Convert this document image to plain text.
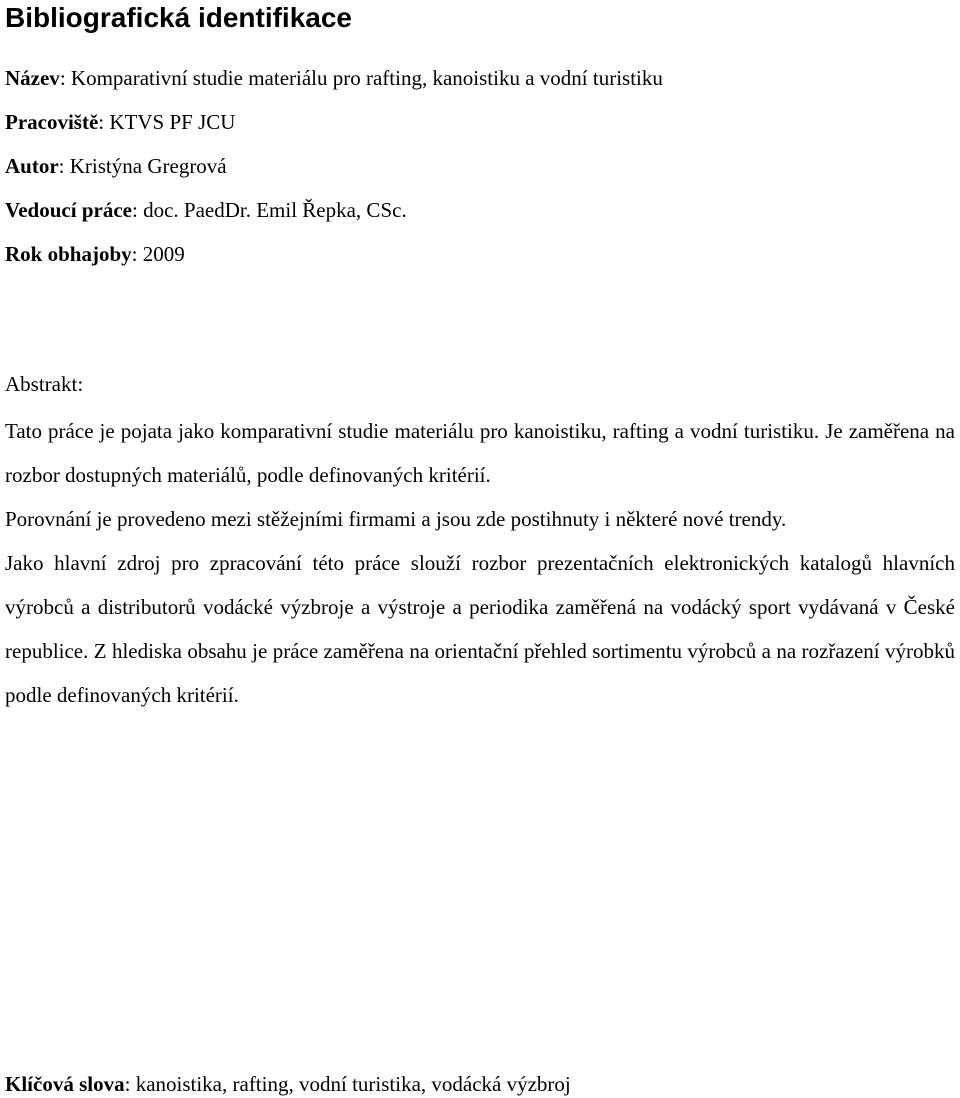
Bibliografická identifikace
Název: Komparativní studie materiálu pro rafting, kanoistiku a vodní turistiku
Pracoviště: KTVS PF JCU
Autor: Kristýna Gregrová
Vedoucí práce: doc. PaedDr. Emil Řepka, CSc.
Rok obhajoby: 2009
Abstrakt:

Tato práce je pojata jako komparativní studie materiálu pro kanoistiku, rafting a vodní turistiku. Je zaměřena na rozbor dostupných materiálů, podle definovaných kritérií.

Porovnání je provedeno mezi stěžejními firmami a jsou zde postihnuty i některé nové trendy.

Jako hlavní zdroj pro zpracování této práce slouží rozbor prezentačních elektronických katalogů hlavních výrobců a distributorů vodácké výzbroje a výstroje a periodika zaměřená na vodácký sport vydávaná v České republice. Z hlediska obsahu je práce zaměřena na orientační přehled sortimentu výrobců a na rozřazení výrobků podle definovaných kritérií.

Klíčová slova: kanoistika, rafting, vodní turistika, vodácká výzbroj
